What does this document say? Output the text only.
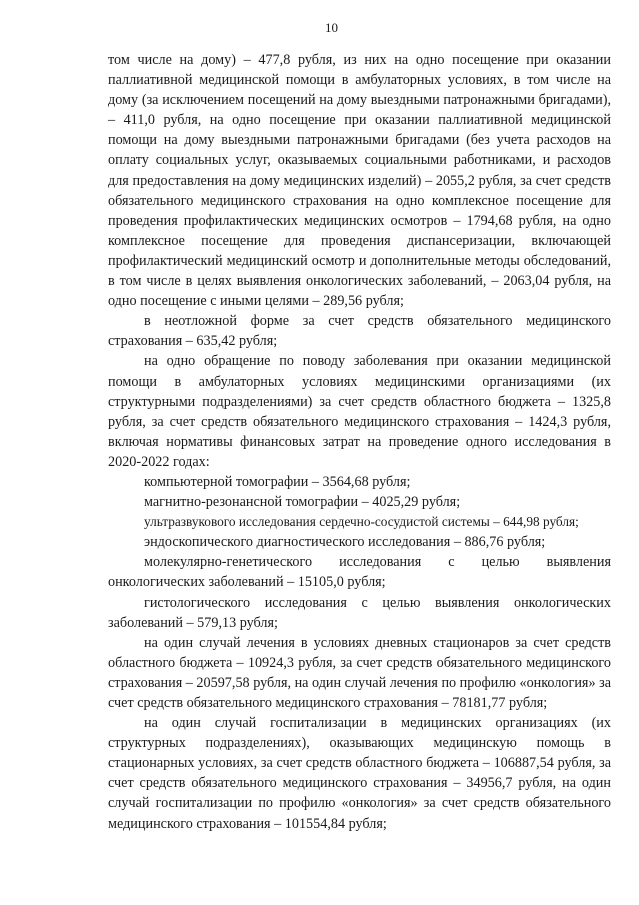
10

том числе на дому) – 477,8 рубля, из них на одно посещение при оказании паллиативной медицинской помощи в амбулаторных условиях, в том числе на дому (за исключением посещений на дому выездными патронажными бригадами), – 411,0 рубля, на одно посещение при оказании паллиативной медицинской помощи на дому выездными патронажными бригадами (без учета расходов на оплату социальных услуг, оказываемых социальными работниками, и расходов для предоставления на дому медицинских изделий) – 2055,2 рубля, за счет средств обязательного медицинского страхования на одно комплексное посещение для проведения профилактических медицинских осмотров – 1794,68 рубля, на одно комплексное посещение для проведения диспансеризации, включающей профилактический медицинский осмотр и дополнительные методы обследований, в том числе в целях выявления онкологических заболеваний, – 2063,04 рубля, на одно посещение с иными целями – 289,56 рубля;

в неотложной форме за счет средств обязательного медицинского страхования – 635,42 рубля;

на одно обращение по поводу заболевания при оказании медицинской помощи в амбулаторных условиях медицинскими организациями (их структурными подразделениями) за счет средств областного бюджета – 1325,8 рубля, за счет средств обязательного медицинского страхования – 1424,3 рубля, включая нормативы финансовых затрат на проведение одного исследования в 2020-2022 годах:

компьютерной томографии – 3564,68 рубля;

магнитно-резонансной томографии – 4025,29 рубля;

ультразвукового исследования сердечно-сосудистой системы – 644,98 рубля;

эндоскопического диагностического исследования – 886,76 рубля;

молекулярно-генетического исследования с целью выявления онкологических заболеваний – 15105,0 рубля;

гистологического исследования с целью выявления онкологических заболеваний – 579,13 рубля;

на один случай лечения в условиях дневных стационаров за счет средств областного бюджета – 10924,3 рубля, за счет средств обязательного медицинского страхования – 20597,58 рубля, на один случай лечения по профилю «онкология» за счет средств обязательного медицинского страхования – 78181,77 рубля;

на один случай госпитализации в медицинских организациях (их структурных подразделениях), оказывающих медицинскую помощь в стационарных условиях, за счет средств областного бюджета – 106887,54 рубля, за счет средств обязательного медицинского страхования – 34956,7 рубля, на один случай госпитализации по профилю «онкология» за счет средств обязательного медицинского страхования – 101554,84 рубля;
